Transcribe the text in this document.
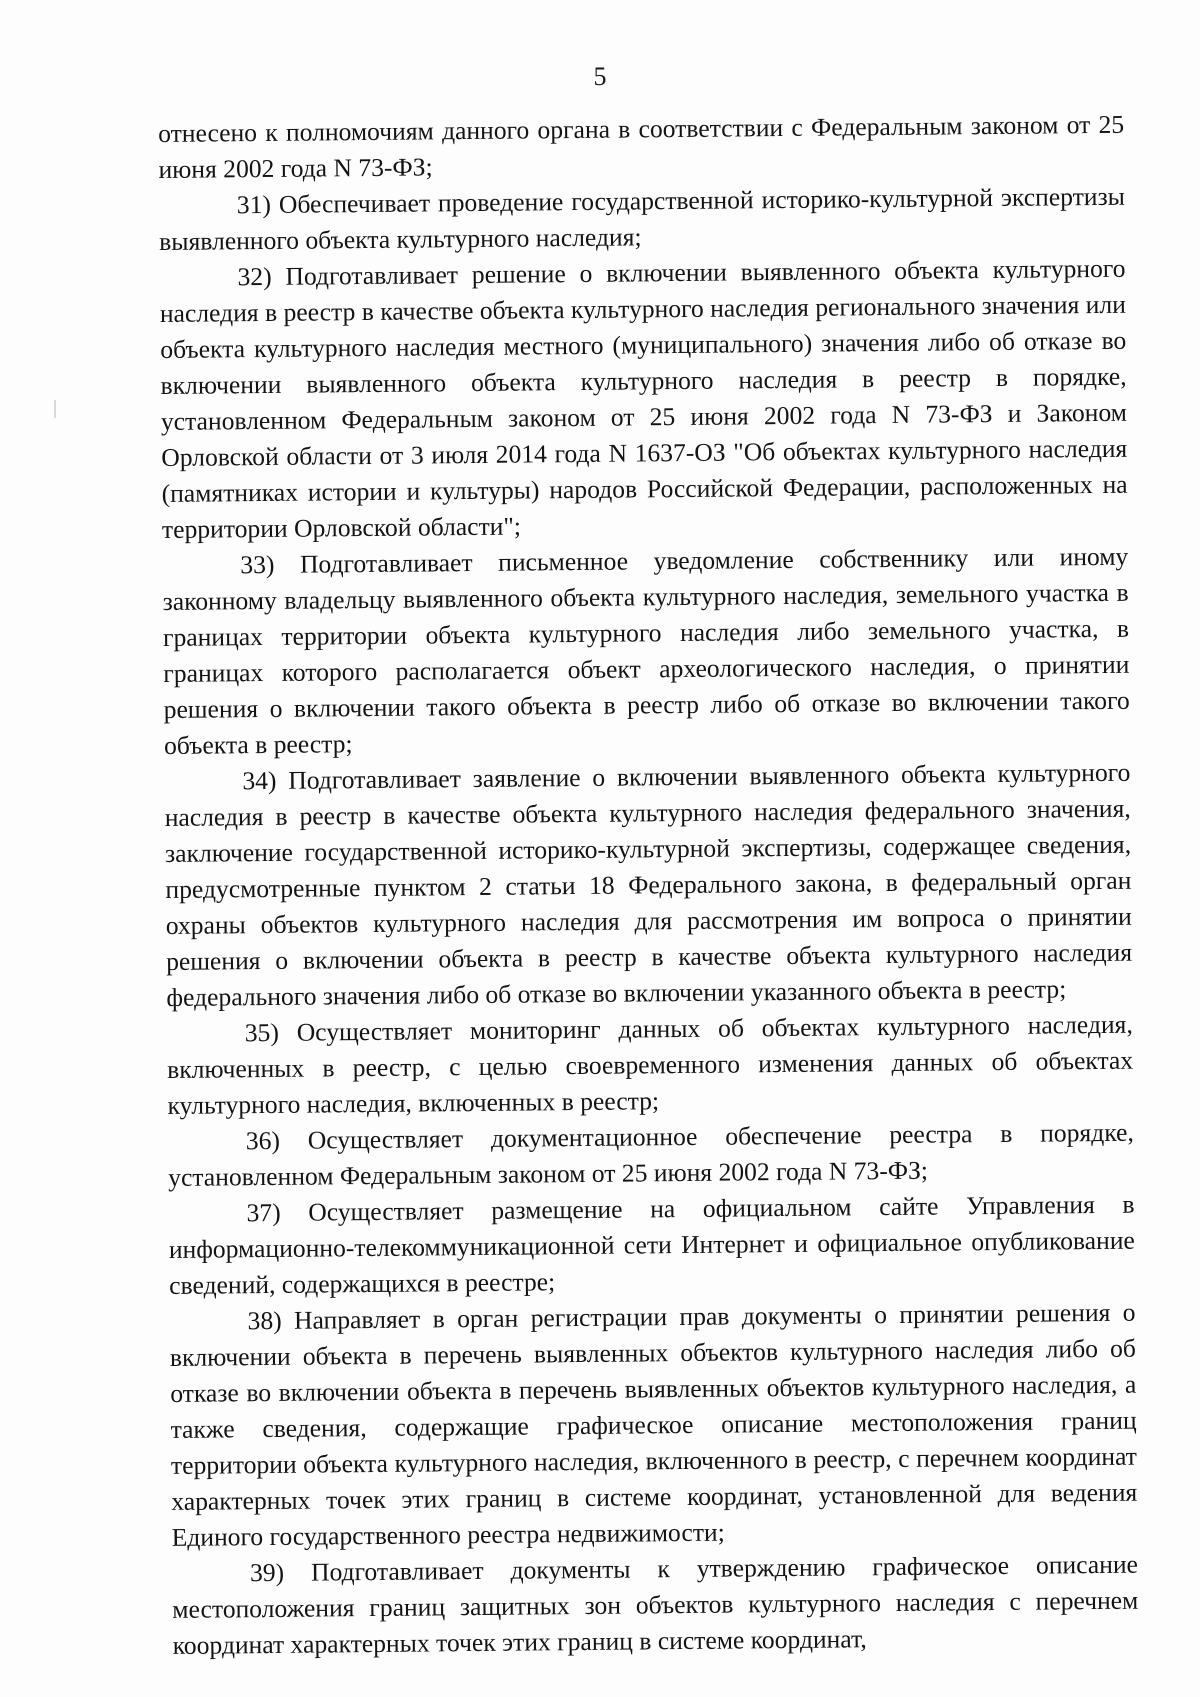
5

отнесено к полномочиям данного органа в соответствии с Федеральным законом от 25 июня 2002 года N 73-ФЗ;

31) Обеспечивает проведение государственной историко-культурной экспертизы выявленного объекта культурного наследия;

32) Подготавливает решение о включении выявленного объекта культурного наследия в реестр в качестве объекта культурного наследия регионального значения или объекта культурного наследия местного (муниципального) значения либо об отказе во включении выявленного объекта культурного наследия в реестр в порядке, установленном Федеральным законом от 25 июня 2002 года N 73-ФЗ и Законом Орловской области от 3 июля 2014 года N 1637-ОЗ "Об объектах культурного наследия (памятниках истории и культуры) народов Российской Федерации, расположенных на территории Орловской области";

33) Подготавливает письменное уведомление собственнику или иному законному владельцу выявленного объекта культурного наследия, земельного участка в границах территории объекта культурного наследия либо земельного участка, в границах которого располагается объект археологического наследия, о принятии решения о включении такого объекта в реестр либо об отказе во включении такого объекта в реестр;

34) Подготавливает заявление о включении выявленного объекта культурного наследия в реестр в качестве объекта культурного наследия федерального значения, заключение государственной историко-культурной экспертизы, содержащее сведения, предусмотренные пунктом 2 статьи 18 Федерального закона, в федеральный орган охраны объектов культурного наследия для рассмотрения им вопроса о принятии решения о включении объекта в реестр в качестве объекта культурного наследия федерального значения либо об отказе во включении указанного объекта в реестр;

35) Осуществляет мониторинг данных об объектах культурного наследия, включенных в реестр, с целью своевременного изменения данных об объектах культурного наследия, включенных в реестр;

36) Осуществляет документационное обеспечение реестра в порядке, установленном Федеральным законом от 25 июня 2002 года N 73-ФЗ;

37) Осуществляет размещение на официальном сайте Управления в информационно-телекоммуникационной сети Интернет и официальное опубликование сведений, содержащихся в реестре;

38) Направляет в орган регистрации прав документы о принятии решения о включении объекта в перечень выявленных объектов культурного наследия либо об отказе во включении объекта в перечень выявленных объектов культурного наследия, а также сведения, содержащие графическое описание местоположения границ территории объекта культурного наследия, включенного в реестр, с перечнем координат характерных точек этих границ в системе координат, установленной для ведения Единого государственного реестра недвижимости;

39) Подготавливает документы к утверждению графическое описание местоположения границ защитных зон объектов культурного наследия с перечнем координат характерных точек этих границ в системе координат,
